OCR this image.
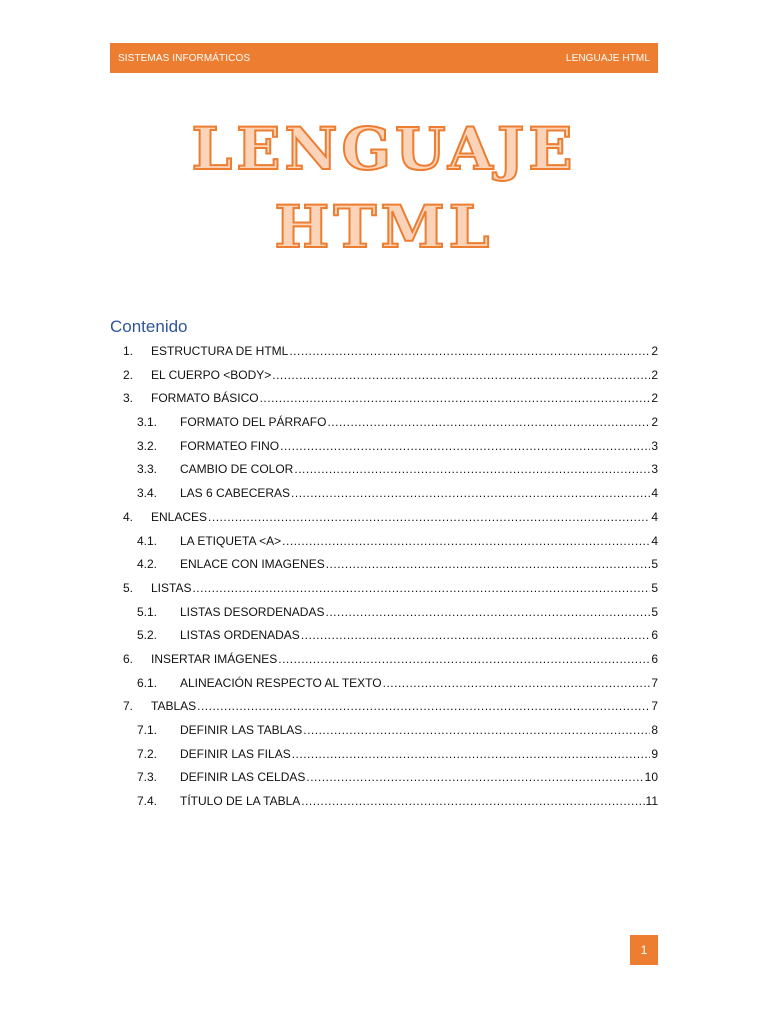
SISTEMAS INFORMÁTICOS	LENGUAJE HTML
LENGUAJE
HTML
Contenido
1.	ESTRUCTURA DE HTML .....	2
2.	EL CUERPO <BODY> .....	2
3.	FORMATO BÁSICO .....	2
3.1.	FORMATO DEL PÁRRAFO .....	2
3.2.	FORMATEO FINO .....	3
3.3.	CAMBIO DE COLOR .....	3
3.4.	LAS 6 CABECERAS .....	4
4.	ENLACES .....	4
4.1.	LA ETIQUETA <A> .....	4
4.2.	ENLACE CON IMAGENES .....	5
5.	LISTAS .....	5
5.1.	LISTAS DESORDENADAS .....	5
5.2.	LISTAS ORDENADAS .....	6
6.	INSERTAR IMÁGENES .....	6
6.1.	ALINEACIÓN RESPECTO AL TEXTO .....	7
7.	TABLAS .....	7
7.1.	DEFINIR LAS TABLAS .....	8
7.2.	DEFINIR LAS FILAS .....	9
7.3.	DEFINIR LAS CELDAS .....	10
7.4.	TÍTULO DE LA TABLA .....	11
1
